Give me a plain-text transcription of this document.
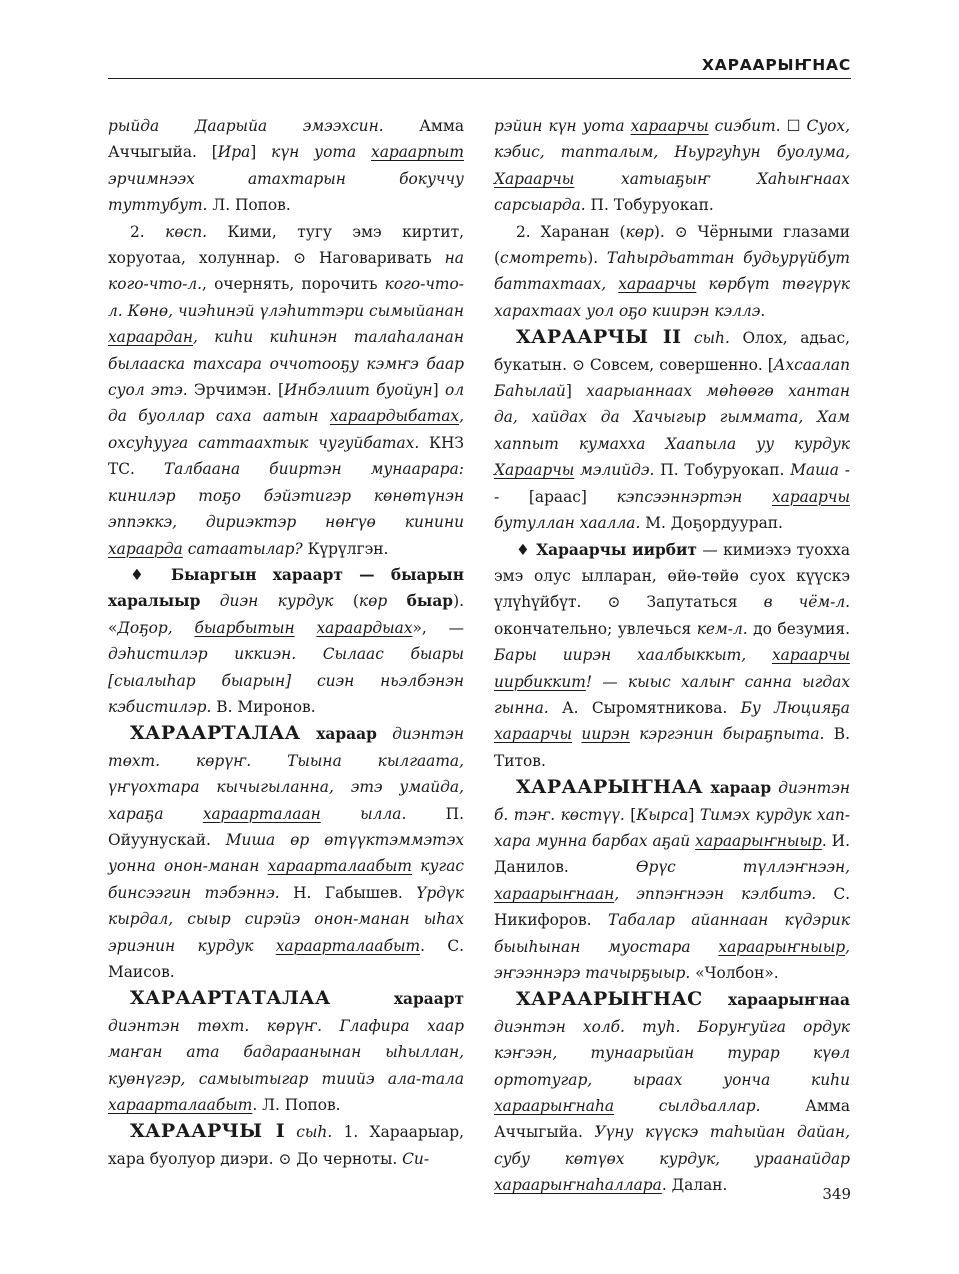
ХАРААРЫҤНАС

рыйда Даарыйа эмээхсин. Амма Аччыгыйа. [Ира] күн уота хараарпыт эрчимнээх атахтарын бокуччу туттубут. Л. Попов.

2. көсп. Кими, тугу эмэ киртит, хоруотаа, холуннар. ⊙ Наговаривать на кого-что-л., очернять, порочить кого-что-л. Көнө, чиэһинэй үлэһиттэри сымыйанан хараардан, киһи киһинэн талаһаланан былааска тахсара оччотооҕу кэмҥэ баар суол этэ. Эрчимэн. [Инбэлиит буойун] ол да буоллар саха аатын хараардыбатах, охсуһууга саттаахтык чугуйбатах. КНЗ ТС. Талбаана бииртэн мунаарара: кинилэр тоҕо бэйэтигэр көнөтүнэн эппэккэ, дириэктэр нөҥүө кинини хараарда сатаатылар? Күрүлгэн.

♦ Быаргын хараарт — быарын харалыыр диэн курдук (көр быар). «Доҕор, быарбытын хараардыах», — дэһистилэр иккиэн. Сылаас быары [сыалыһар быарын] сиэн ньэлбэнэн кэбистилэр. В. Миронов.

ХАРААРТАЛАА хараар диэнтэн төхт. көрүҥ. Тыына кылгаата, үҥүохтара кычыгыланна, этэ умайда, хараҕа хараарталаан ылла. П. Ойуунускай. Миша өр өтүүктэммэтэх уонна онон-манан хараарталаабыт кугас бинсээгин тэбэннэ. Н. Габышев. Үрдүк кырдал, сыыр сирэйэ онон-манан ыһах эриэнин курдук хараарталаабыт. С. Маисов.

ХАРААРТАТАЛАА хараарт диэнтэн төхт. көрүҥ. Глафира хаар маҥан ата бадараанынан ыһыллан, куөнүгэр, самыытыгар тиийэ ала-тала хараарталаабыт. Л. Попов.

ХАРААРЧЫ I сыһ. 1. Хараарыар, хара буолуор диэри. ⊙ До черноты. Си-

рэйин күн уота хараарчы сиэбит. ☐ Суох, кэбис, тапталым, Ньургуһун буолума, Хараарчы хатыаҕыҥ Хаһыҥнаах сарсыарда. П. Тобуруокап.

2. Харанан (көр). ⊙ Чёрными глазами (смотреть). Таһырдьаттан будьурүйбут баттахтаах, хараарчы көрбүт төгүрүк харахтаах уол оҕо киирэн кэллэ.

ХАРААРЧЫ II сыһ. Олох, адьас, букатын. ⊙ Совсем, совершенно. [Ахсаалап Баһылай] хаарыаннаах мөһөөгө хантан да, хайдах да Хачыгыр гыммата, Хам хаппыт кумахха Хаапыла уу курдук Хараарчы мэлийдэ. П. Тобуруокап. Маша -- [араас] кэпсээннэртэн хараарчы бутуллан хаалла. М. Доҕордуурап.

♦ Хараарчы иирбит — кимиэхэ туохха эмэ олус ылларан, өйө-төйө суох күүскэ үлүһүйбүт. ⊙ Запутаться в чём-л. окончательно; увлечься кем-л. до безумия. Бары иирэн хаалбыккыт, хараарчы иирбиккит! — кыыс халыҥ санна ыгдах гынна. А. Сыромятникова. Бу Люцияҕа хараарчы иирэн кэргэнин быраҕпыта. В. Титов.

ХАРААРЫҤНАА хараар диэнтэн б. тэҥ. көстүү. [Кырса] Тимэх курдук хап-хара мунна барбах аҕай хараарыҥныыр. И. Данилов. Өрүс түллэҥнээн, хараарыҥнаан, эппэҥнээн кэлбитэ. С. Никифоров. Табалар айаннаан күдэрик быыһынан муостара хараарыҥныыр, эҥээннэрэ тачырҕыыр. «Чолбон».

ХАРААРЫҤНАС хараарыҥнаа диэнтэн холб. туһ. Боруҥуйга ордук кэҥээн, тунаарыйан турар күөл ортотугар, ыраах уонча киһи хараарыҥнаһа сылдьаллар. Амма Аччыгыйа. Уүну күүскэ таһыйан дайан, субу көтүөх курдук, ураанайдар хараарыҥнаһаллара. Далан.	349
